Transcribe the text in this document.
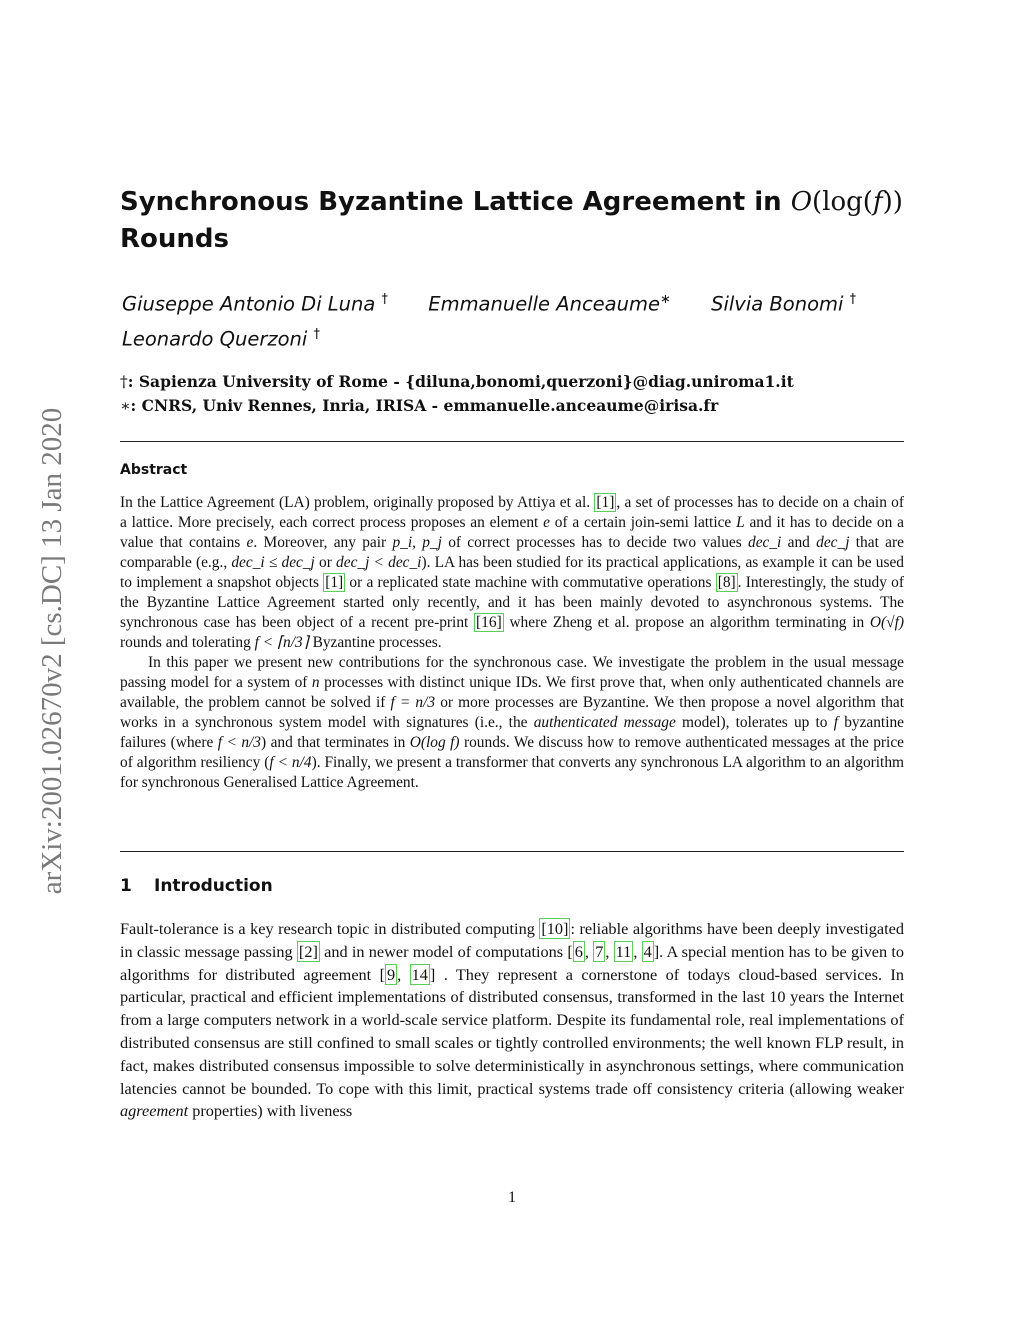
arXiv:2001.02670v2 [cs.DC] 13 Jan 2020
Synchronous Byzantine Lattice Agreement in O(log(f))
Rounds
Giuseppe Antonio Di Luna † Emmanuelle Anceaume∗ Silvia Bonomi †
Leonardo Querzoni †
†: Sapienza University of Rome - {diluna,bonomi,querzoni}@diag.uniroma1.it
∗: CNRS, Univ Rennes, Inria, IRISA - emmanuelle.anceaume@irisa.fr
Abstract

In the Lattice Agreement (LA) problem, originally proposed by Attiya et al. [1] , a set of processes has to decide on a chain of a lattice. More precisely, each correct process proposes an element e of a certain join-semi lattice L and it has to decide on a value that contains e. Moreover, any pair p_i, p_j of correct processes has to decide two values dec_i and dec_j that are comparable (e.g., dec_i ≤ dec_j or dec_j < dec_i). LA has been studied for its practical applications, as example it can be used to implement a snapshot objects [1] or a replicated state machine with commutative operations [8] . Interestingly, the study of the Byzantine Lattice Agreement started only recently, and it has been mainly devoted to asynchronous systems. The synchronous case has been object of a recent pre-print [16] where Zheng et al. propose an algorithm terminating in O(√f) rounds and tolerating f < ⌈n/3⌉ Byzantine processes.

In this paper we present new contributions for the synchronous case. We investigate the problem in the usual message passing model for a system of n processes with distinct unique IDs. We first prove that, when only authenticated channels are available, the problem cannot be solved if f = n/3 or more processes are Byzantine. We then propose a novel algorithm that works in a synchronous system model with signatures (i.e., the authenticated message model), tolerates up to f byzantine failures (where f < n/3) and that terminates in O(log f) rounds. We discuss how to remove authenticated messages at the price of algorithm resiliency (f < n/4). Finally, we present a transformer that converts any synchronous LA algorithm to an algorithm for synchronous Generalised Lattice Agreement.

1 Introduction

Fault-tolerance is a key research topic in distributed computing [10] : reliable algorithms have been deeply investigated in classic message passing [2] and in newer model of computations [ 6 , 7 , 11 , 4 ]. A special mention has to be given to algorithms for distributed agreement [ 9 , 14 ] . They represent a cornerstone of todays cloud-based services. In particular, practical and efficient implementations of distributed consensus, transformed in the last 10 years the Internet from a large computers network in a world-scale service platform. Despite its fundamental role, real implementations of distributed consensus are still confined to small scales or tightly controlled environments; the well known FLP result, in fact, makes distributed consensus impossible to solve deterministically in asynchronous settings, where communication latencies cannot be bounded. To cope with this limit, practical systems trade off consistency criteria (allowing weaker agreement properties) with liveness

1
